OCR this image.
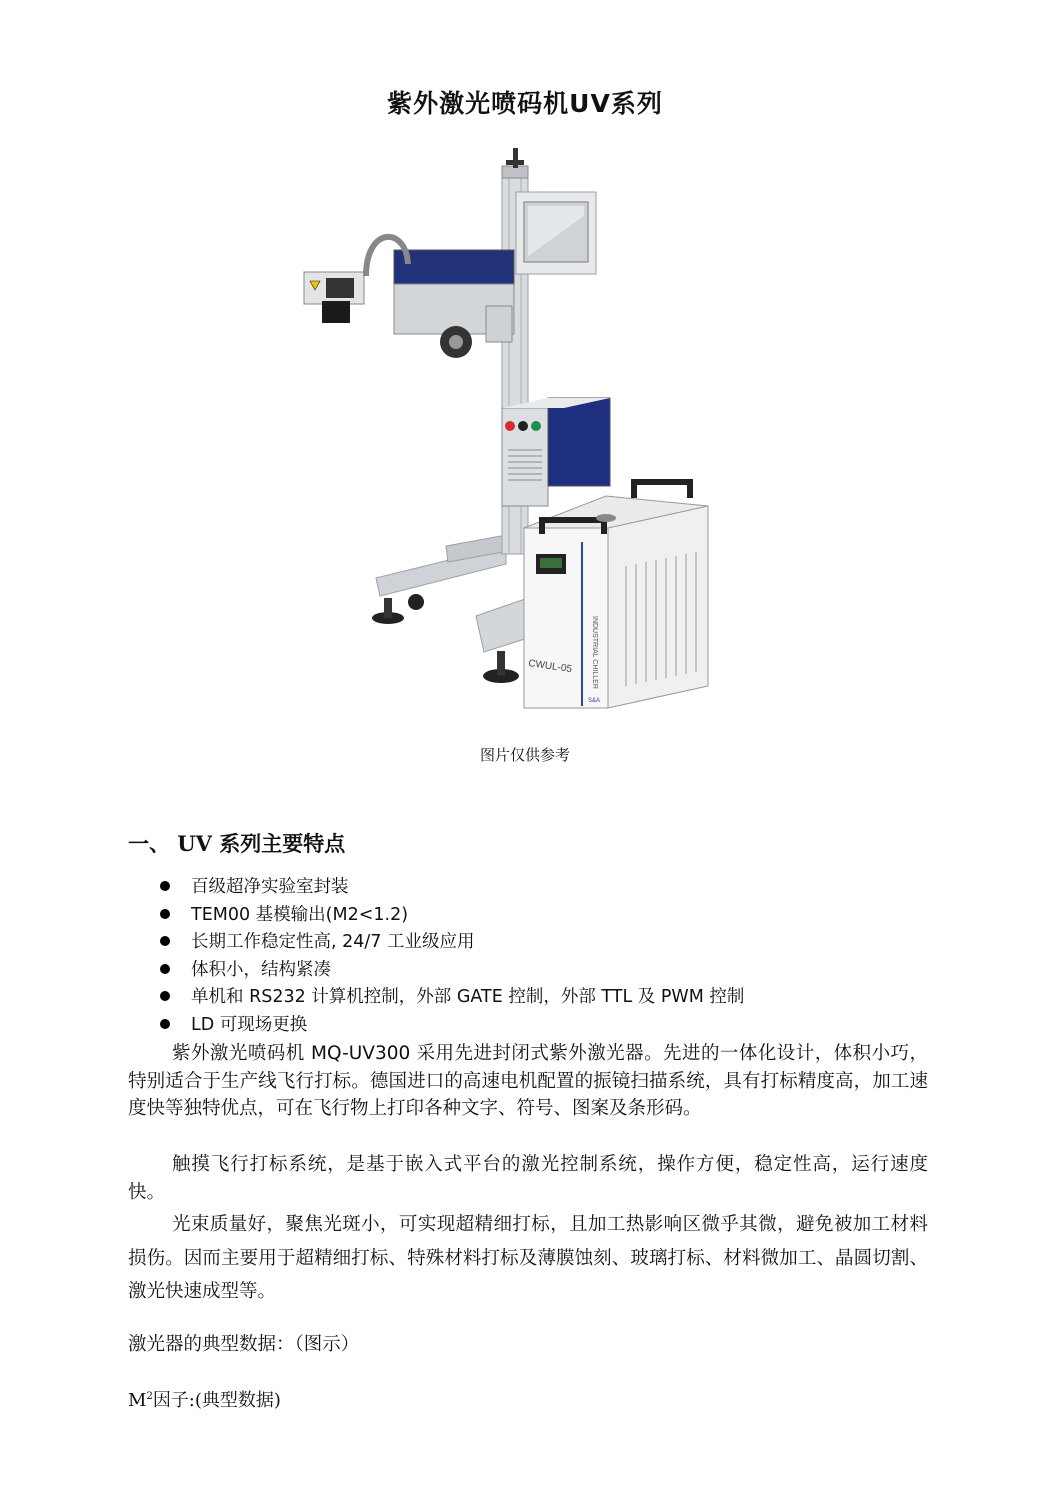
紫外激光喷码机UV系列
CWUL-05	INDUSTRIAL CHILLER
S&A
图片仅供参考
一、 UV 系列主要特点
百级超净实验室封装
TEM00 基模输出(M2<1.2)
长期工作稳定性高, 24/7 工业级应用
体积小，结构紧凑
单机和 RS232 计算机控制，外部 GATE 控制，外部 TTL 及 PWM 控制
LD 可现场更换

紫外激光喷码机 MQ-UV300 采用先进封闭式紫外激光器。先进的一体化设计，体积小巧，特别适合于生产线飞行打标。德国进口的高速电机配置的振镜扫描系统，具有打标精度高，加工速度快等独特优点，可在飞行物上打印各种文字、符号、图案及条形码。

触摸飞行打标系统，是基于嵌入式平台的激光控制系统，操作方便，稳定性高，运行速度快。

光束质量好，聚焦光斑小，可实现超精细打标，且加工热影响区微乎其微，避免被加工材料损伤。因而主要用于超精细打标、特殊材料打标及薄膜蚀刻、玻璃打标、材料微加工、晶圆切割、激光快速成型等。

激光器的典型数据：（图示）
$M^2$因子:(典型数据)
